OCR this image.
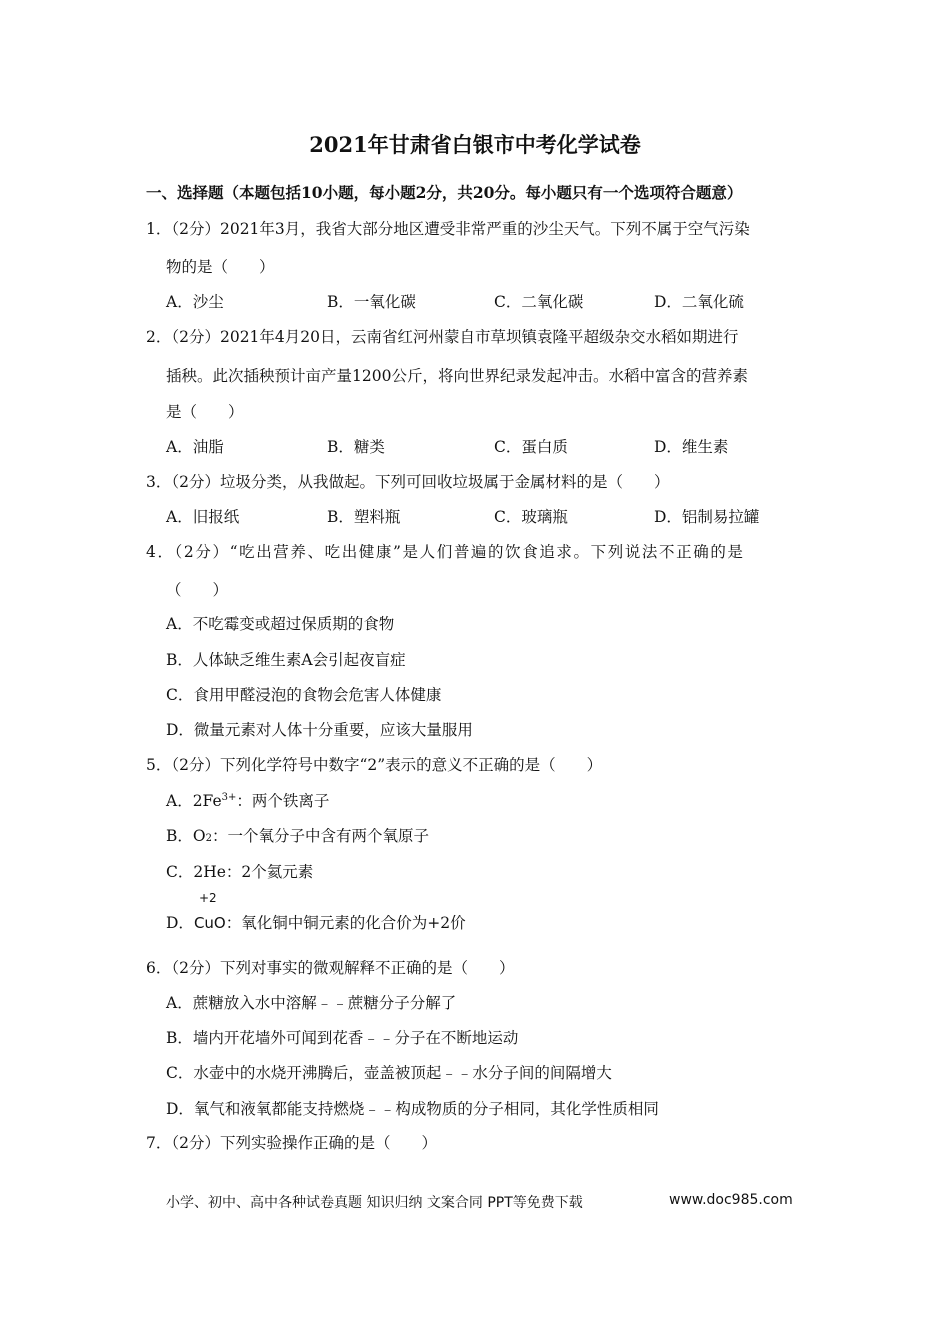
2021年甘肃省白银市中考化学试卷
一、选择题（本题包括10小题，每小题2分，共20分。每小题只有一个选项符合题意）
1．（2分）2021年3月，我省大部分地区遭受非常严重的沙尘天气。下列不属于空气污染
物的是（　　）
A．沙尘	B．一氧化碳	C．二氧化碳	D．二氧化硫
2．（2分）2021年4月20日，云南省红河州蒙自市草坝镇袁隆平超级杂交水稻如期进行
插秧。此次插秧预计亩产量1200公斤，将向世界纪录发起冲击。水稻中富含的营养素
是（　　）
A．油脂	B．糖类	C．蛋白质	D．维生素
3．（2分）垃圾分类，从我做起。下列可回收垃圾属于金属材料的是（　　）
A．旧报纸	B．塑料瓶	C．玻璃瓶	D．铝制易拉罐
4．（2分）“吃出营养、吃出健康”是人们普遍的饮食追求。下列说法不正确的是
（　　）
A．不吃霉变或超过保质期的食物
B．人体缺乏维生素A会引起夜盲症
C．食用甲醛浸泡的食物会危害人体健康
D．微量元素对人体十分重要，应该大量服用
5．（2分）下列化学符号中数字“2”表示的意义不正确的是（　　）
A．$2Fe^{3+}$：两个铁离子
B．O2：一个氧分子中含有两个氧原子
C．2He：2个氦元素
+2
D．CuO：氧化铜中铜元素的化合价为+2价
6．（2分）下列对事实的微观解释不正确的是（　　）
A．蔗糖放入水中溶解﹣﹣蔗糖分子分解了
B．墙内开花墙外可闻到花香﹣﹣分子在不断地运动
C．水壶中的水烧开沸腾后，壶盖被顶起﹣﹣水分子间的间隔增大
D．氧气和液氧都能支持燃烧﹣﹣构成物质的分子相同，其化学性质相同
7．（2分）下列实验操作正确的是（　　）
小学、初中、高中各种试卷真题 知识归纳 文案合同 PPT等免费下载	www.doc985.com
